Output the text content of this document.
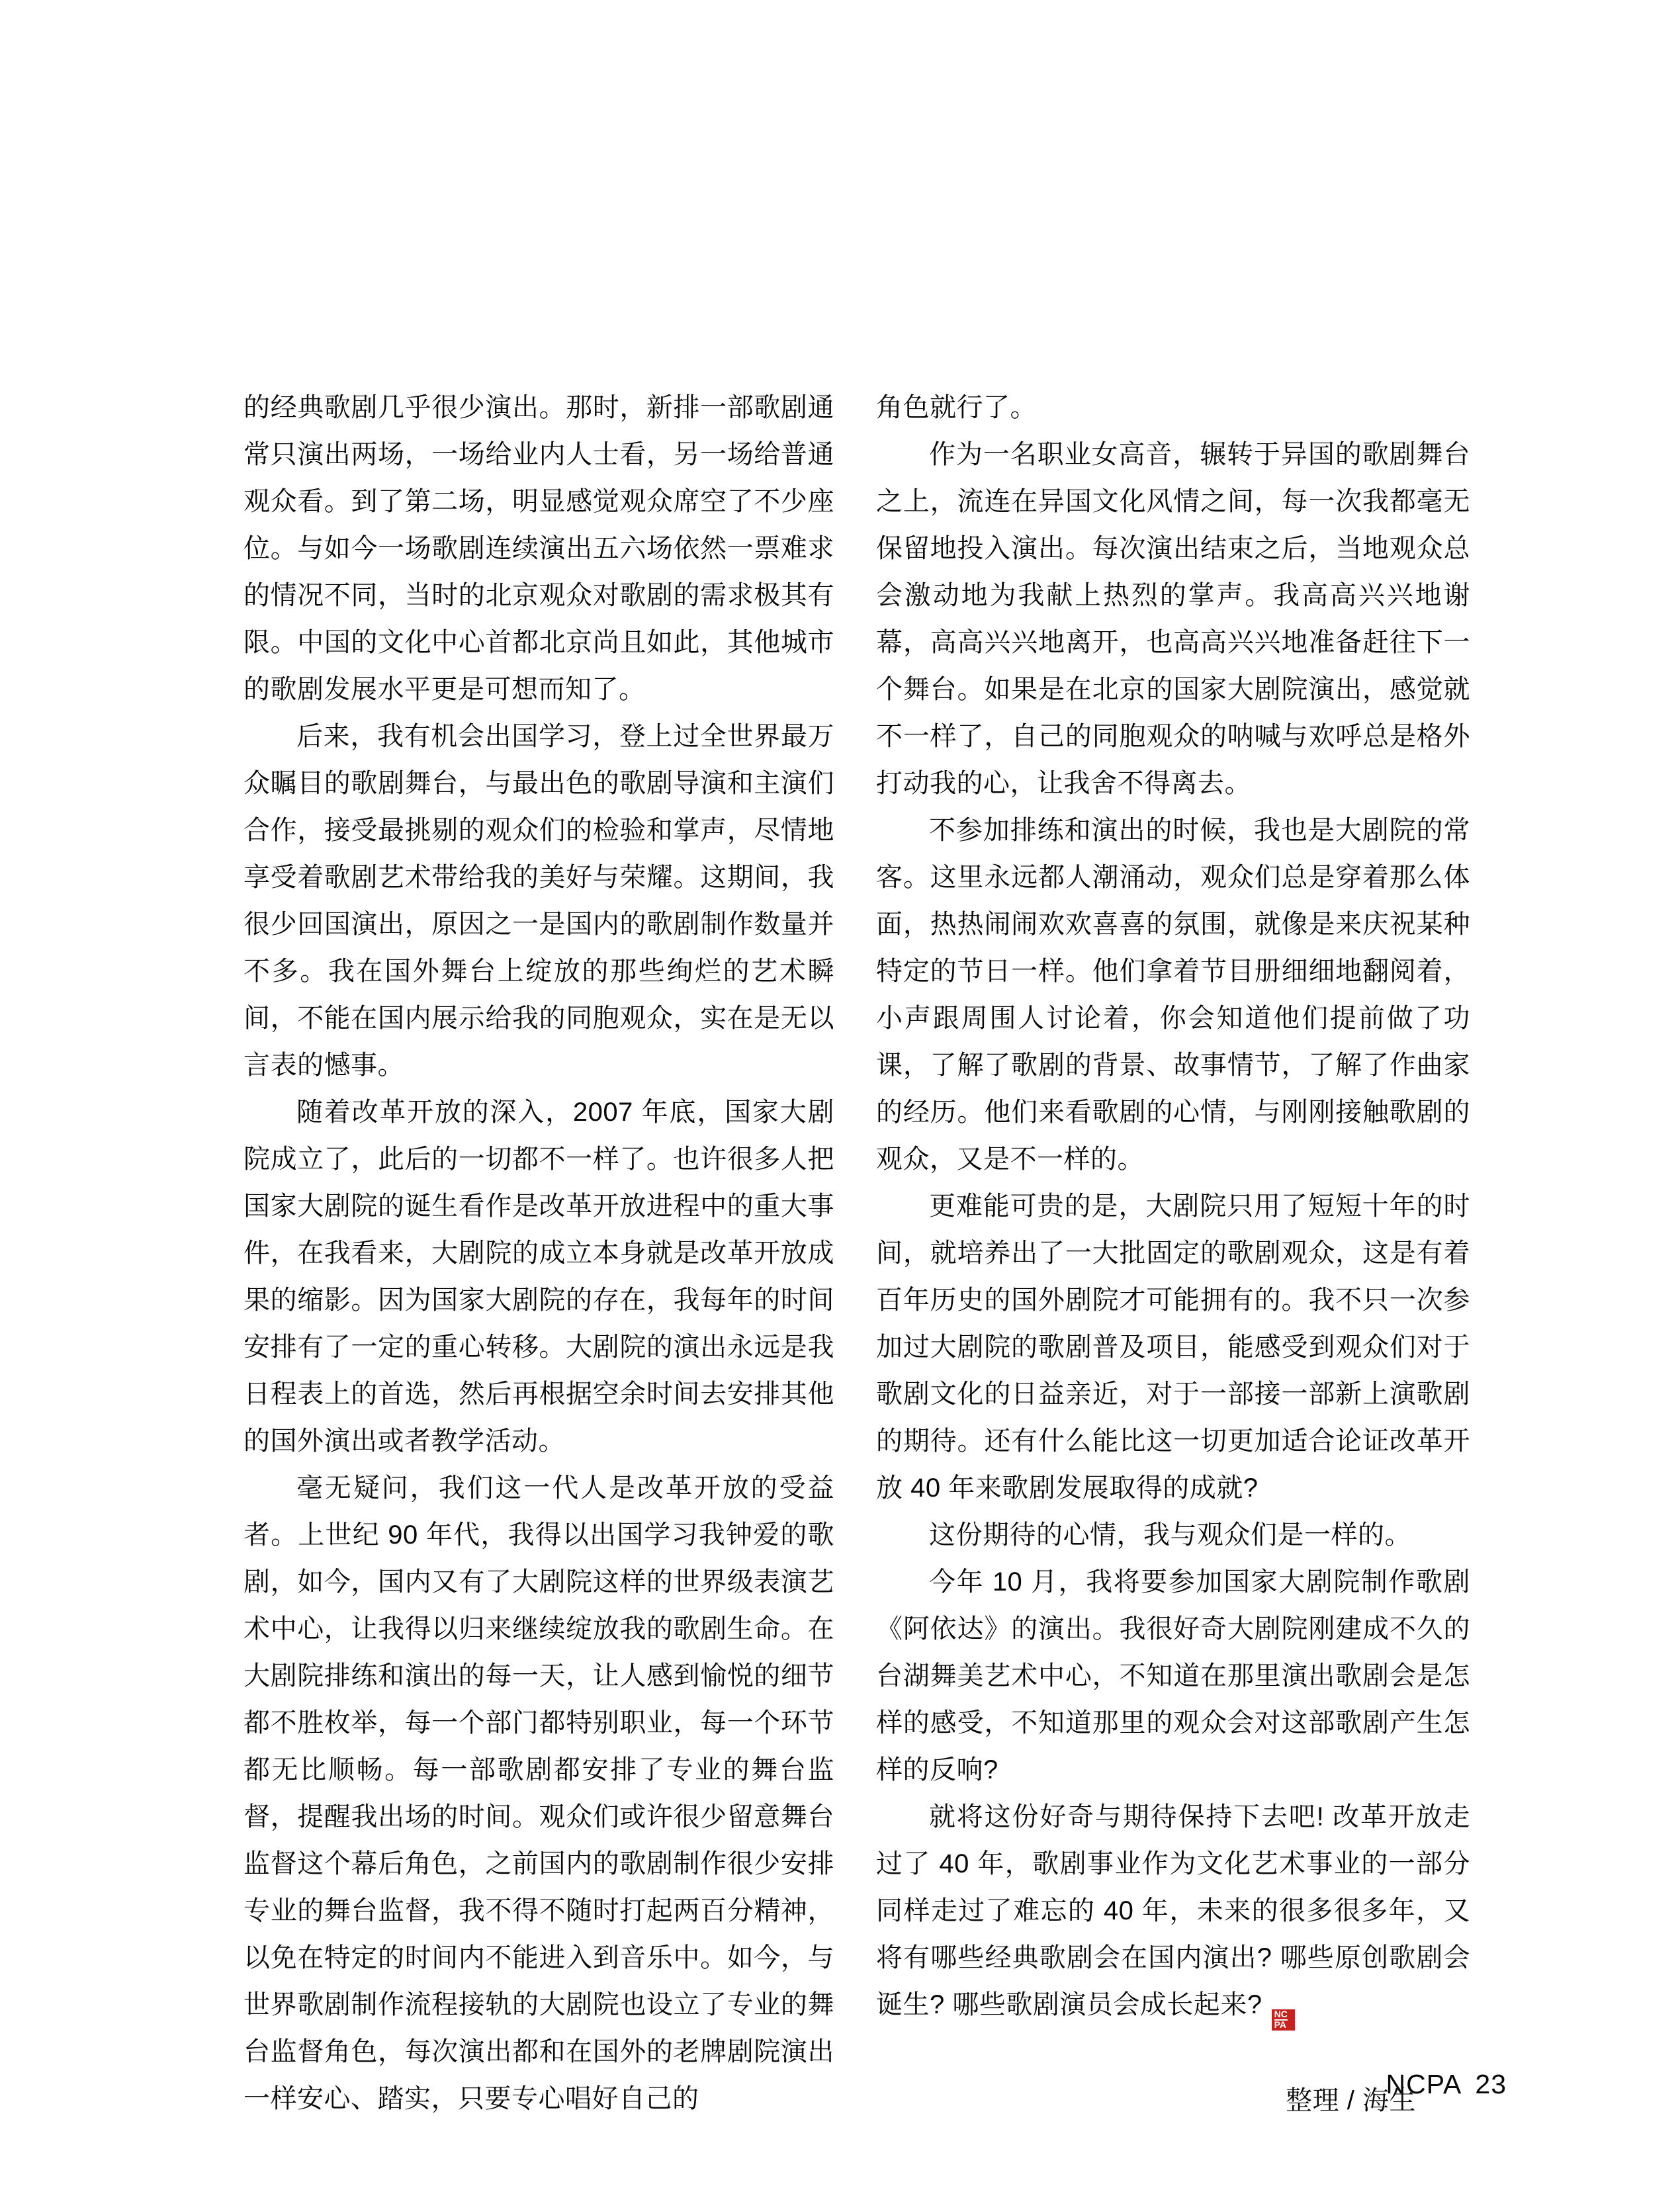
的经典歌剧几乎很少演出。那时，新排一部歌剧通常只演出两场，一场给业内人士看，另一场给普通观众看。到了第二场，明显感觉观众席空了不少座位。与如今一场歌剧连续演出五六场依然一票难求的情况不同，当时的北京观众对歌剧的需求极其有限。中国的文化中心首都北京尚且如此，其他城市的歌剧发展水平更是可想而知了。

后来，我有机会出国学习，登上过全世界最万众瞩目的歌剧舞台，与最出色的歌剧导演和主演们合作，接受最挑剔的观众们的检验和掌声，尽情地享受着歌剧艺术带给我的美好与荣耀。这期间，我很少回国演出，原因之一是国内的歌剧制作数量并不多。我在国外舞台上绽放的那些绚烂的艺术瞬间，不能在国内展示给我的同胞观众，实在是无以言表的憾事。

随着改革开放的深入，2007 年底，国家大剧院成立了，此后的一切都不一样了。也许很多人把国家大剧院的诞生看作是改革开放进程中的重大事件，在我看来，大剧院的成立本身就是改革开放成果的缩影。因为国家大剧院的存在，我每年的时间安排有了一定的重心转移。大剧院的演出永远是我日程表上的首选，然后再根据空余时间去安排其他的国外演出或者教学活动。

毫无疑问，我们这一代人是改革开放的受益者。上世纪 90 年代，我得以出国学习我钟爱的歌剧，如今，国内又有了大剧院这样的世界级表演艺术中心，让我得以归来继续绽放我的歌剧生命。在大剧院排练和演出的每一天，让人感到愉悦的细节都不胜枚举，每一个部门都特别职业，每一个环节都无比顺畅。每一部歌剧都安排了专业的舞台监督，提醒我出场的时间。观众们或许很少留意舞台监督这个幕后角色，之前国内的歌剧制作很少安排专业的舞台监督，我不得不随时打起两百分精神，以免在特定的时间内不能进入到音乐中。如今，与世界歌剧制作流程接轨的大剧院也设立了专业的舞台监督角色，每次演出都和在国外的老牌剧院演出一样安心、踏实，只要专心唱好自己的

角色就行了。

作为一名职业女高音，辗转于异国的歌剧舞台之上，流连在异国文化风情之间，每一次我都毫无保留地投入演出。每次演出结束之后，当地观众总会激动地为我献上热烈的掌声。我高高兴兴地谢幕，高高兴兴地离开，也高高兴兴地准备赶往下一个舞台。如果是在北京的国家大剧院演出，感觉就不一样了，自己的同胞观众的呐喊与欢呼总是格外打动我的心，让我舍不得离去。

不参加排练和演出的时候，我也是大剧院的常客。这里永远都人潮涌动，观众们总是穿着那么体面，热热闹闹欢欢喜喜的氛围，就像是来庆祝某种特定的节日一样。他们拿着节目册细细地翻阅着，小声跟周围人讨论着，你会知道他们提前做了功课，了解了歌剧的背景、故事情节，了解了作曲家的经历。他们来看歌剧的心情，与刚刚接触歌剧的观众，又是不一样的。

更难能可贵的是，大剧院只用了短短十年的时间，就培养出了一大批固定的歌剧观众，这是有着百年历史的国外剧院才可能拥有的。我不只一次参加过大剧院的歌剧普及项目，能感受到观众们对于歌剧文化的日益亲近，对于一部接一部新上演歌剧的期待。还有什么能比这一切更加适合论证改革开放 40 年来歌剧发展取得的成就?

这份期待的心情，我与观众们是一样的。

今年 10 月，我将要参加国家大剧院制作歌剧《阿依达》的演出。我很好奇大剧院刚建成不久的台湖舞美艺术中心，不知道在那里演出歌剧会是怎样的感受，不知道那里的观众会对这部歌剧产生怎样的反响?

就将这份好奇与期待保持下去吧! 改革开放走过了 40 年，歌剧事业作为文化艺术事业的一部分同样走过了难忘的 40 年，未来的很多很多年，又将有哪些经典歌剧会在国内演出? 哪些原创歌剧会诞生? 哪些歌剧演员会成长起来?
$\frac{NC}{PA}$

整理 / 海生

NCPA 23
